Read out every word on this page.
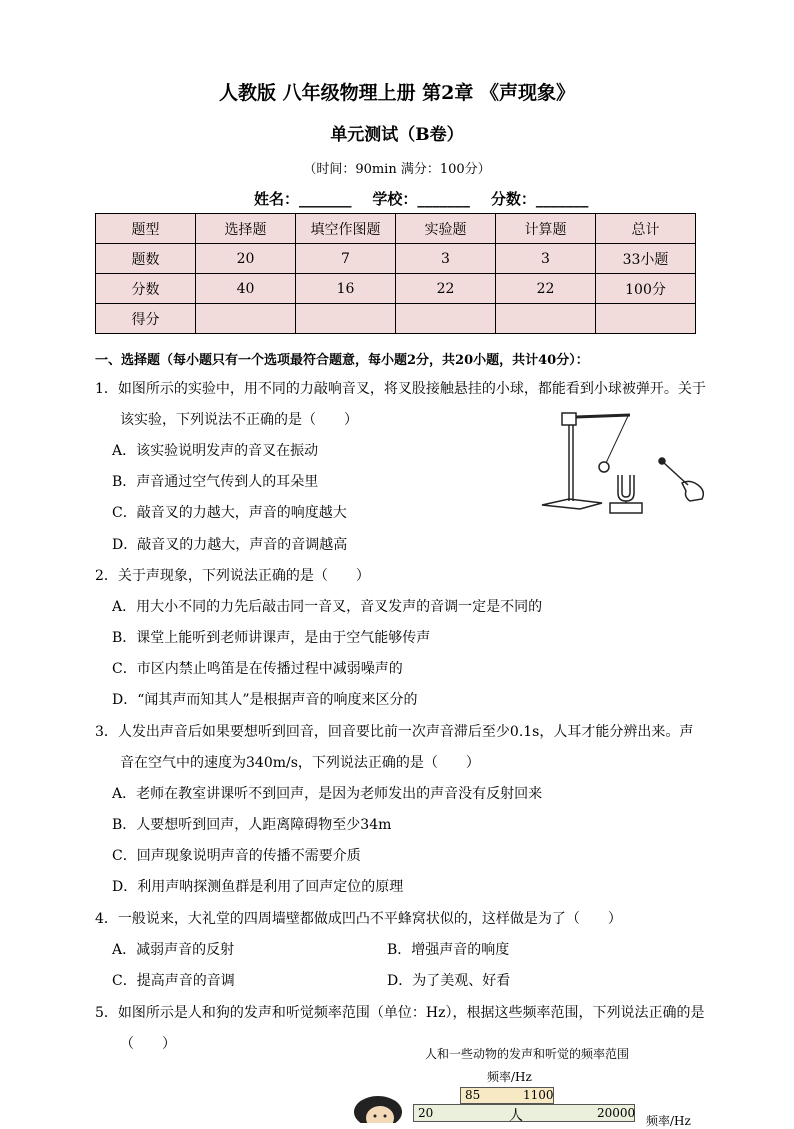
人教版 八年级物理上册 第2章 《声现象》
单元测试（B卷）
（时间：90min 满分：100分）
姓名：_______ 学校：_______ 分数：_______
题型	选择题	填空作图题	实验题	计算题	总计
题数	20	7	3	3	33小题
分数	40	16	22	22	100分
得分					
一、选择题（每小题只有一个选项最符合题意，每小题2分，共20小题，共计40分）：
1．如图所示的实验中，用不同的力敲响音叉，将叉股接触悬挂的小球，都能看到小球被弹开。关于
该实验，下列说法不正确的是（　　）
A．该实验说明发声的音叉在振动
B．声音通过空气传到人的耳朵里
C．敲音叉的力越大，声音的响度越大
D．敲音叉的力越大，声音的音调越高
2．关于声现象，下列说法正确的是（　　）
A．用大小不同的力先后敲击同一音叉，音叉发声的音调一定是不同的
B．课堂上能听到老师讲课声，是由于空气能够传声
C．市区内禁止鸣笛是在传播过程中减弱噪声的
D．“闻其声而知其人”是根据声音的响度来区分的
3．人发出声音后如果要想听到回音，回音要比前一次声音滞后至少0.1s，人耳才能分辨出来。声
音在空气中的速度为340m/s，下列说法正确的是（　　）
A．老师在教室讲课听不到回声，是因为老师发出的声音没有反射回来
B．人要想听到回声，人距离障碍物至少34m
C．回声现象说明声音的传播不需要介质
D．利用声呐探测鱼群是利用了回声定位的原理
4．一般说来，大礼堂的四周墙壁都做成凹凸不平蜂窝状似的，这样做是为了（　　）
A．减弱声音的反射	B．增强声音的响度
C．提高声音的音调	D．为了美观、好看
5．如图所示是人和狗的发声和听觉频率范围（单位：Hz），根据这些频率范围，下列说法正确的是
（　　）
人和一些动物的发声和听觉的频率范围
频率/Hz
85	1100
20	人	20000
频率/Hz
